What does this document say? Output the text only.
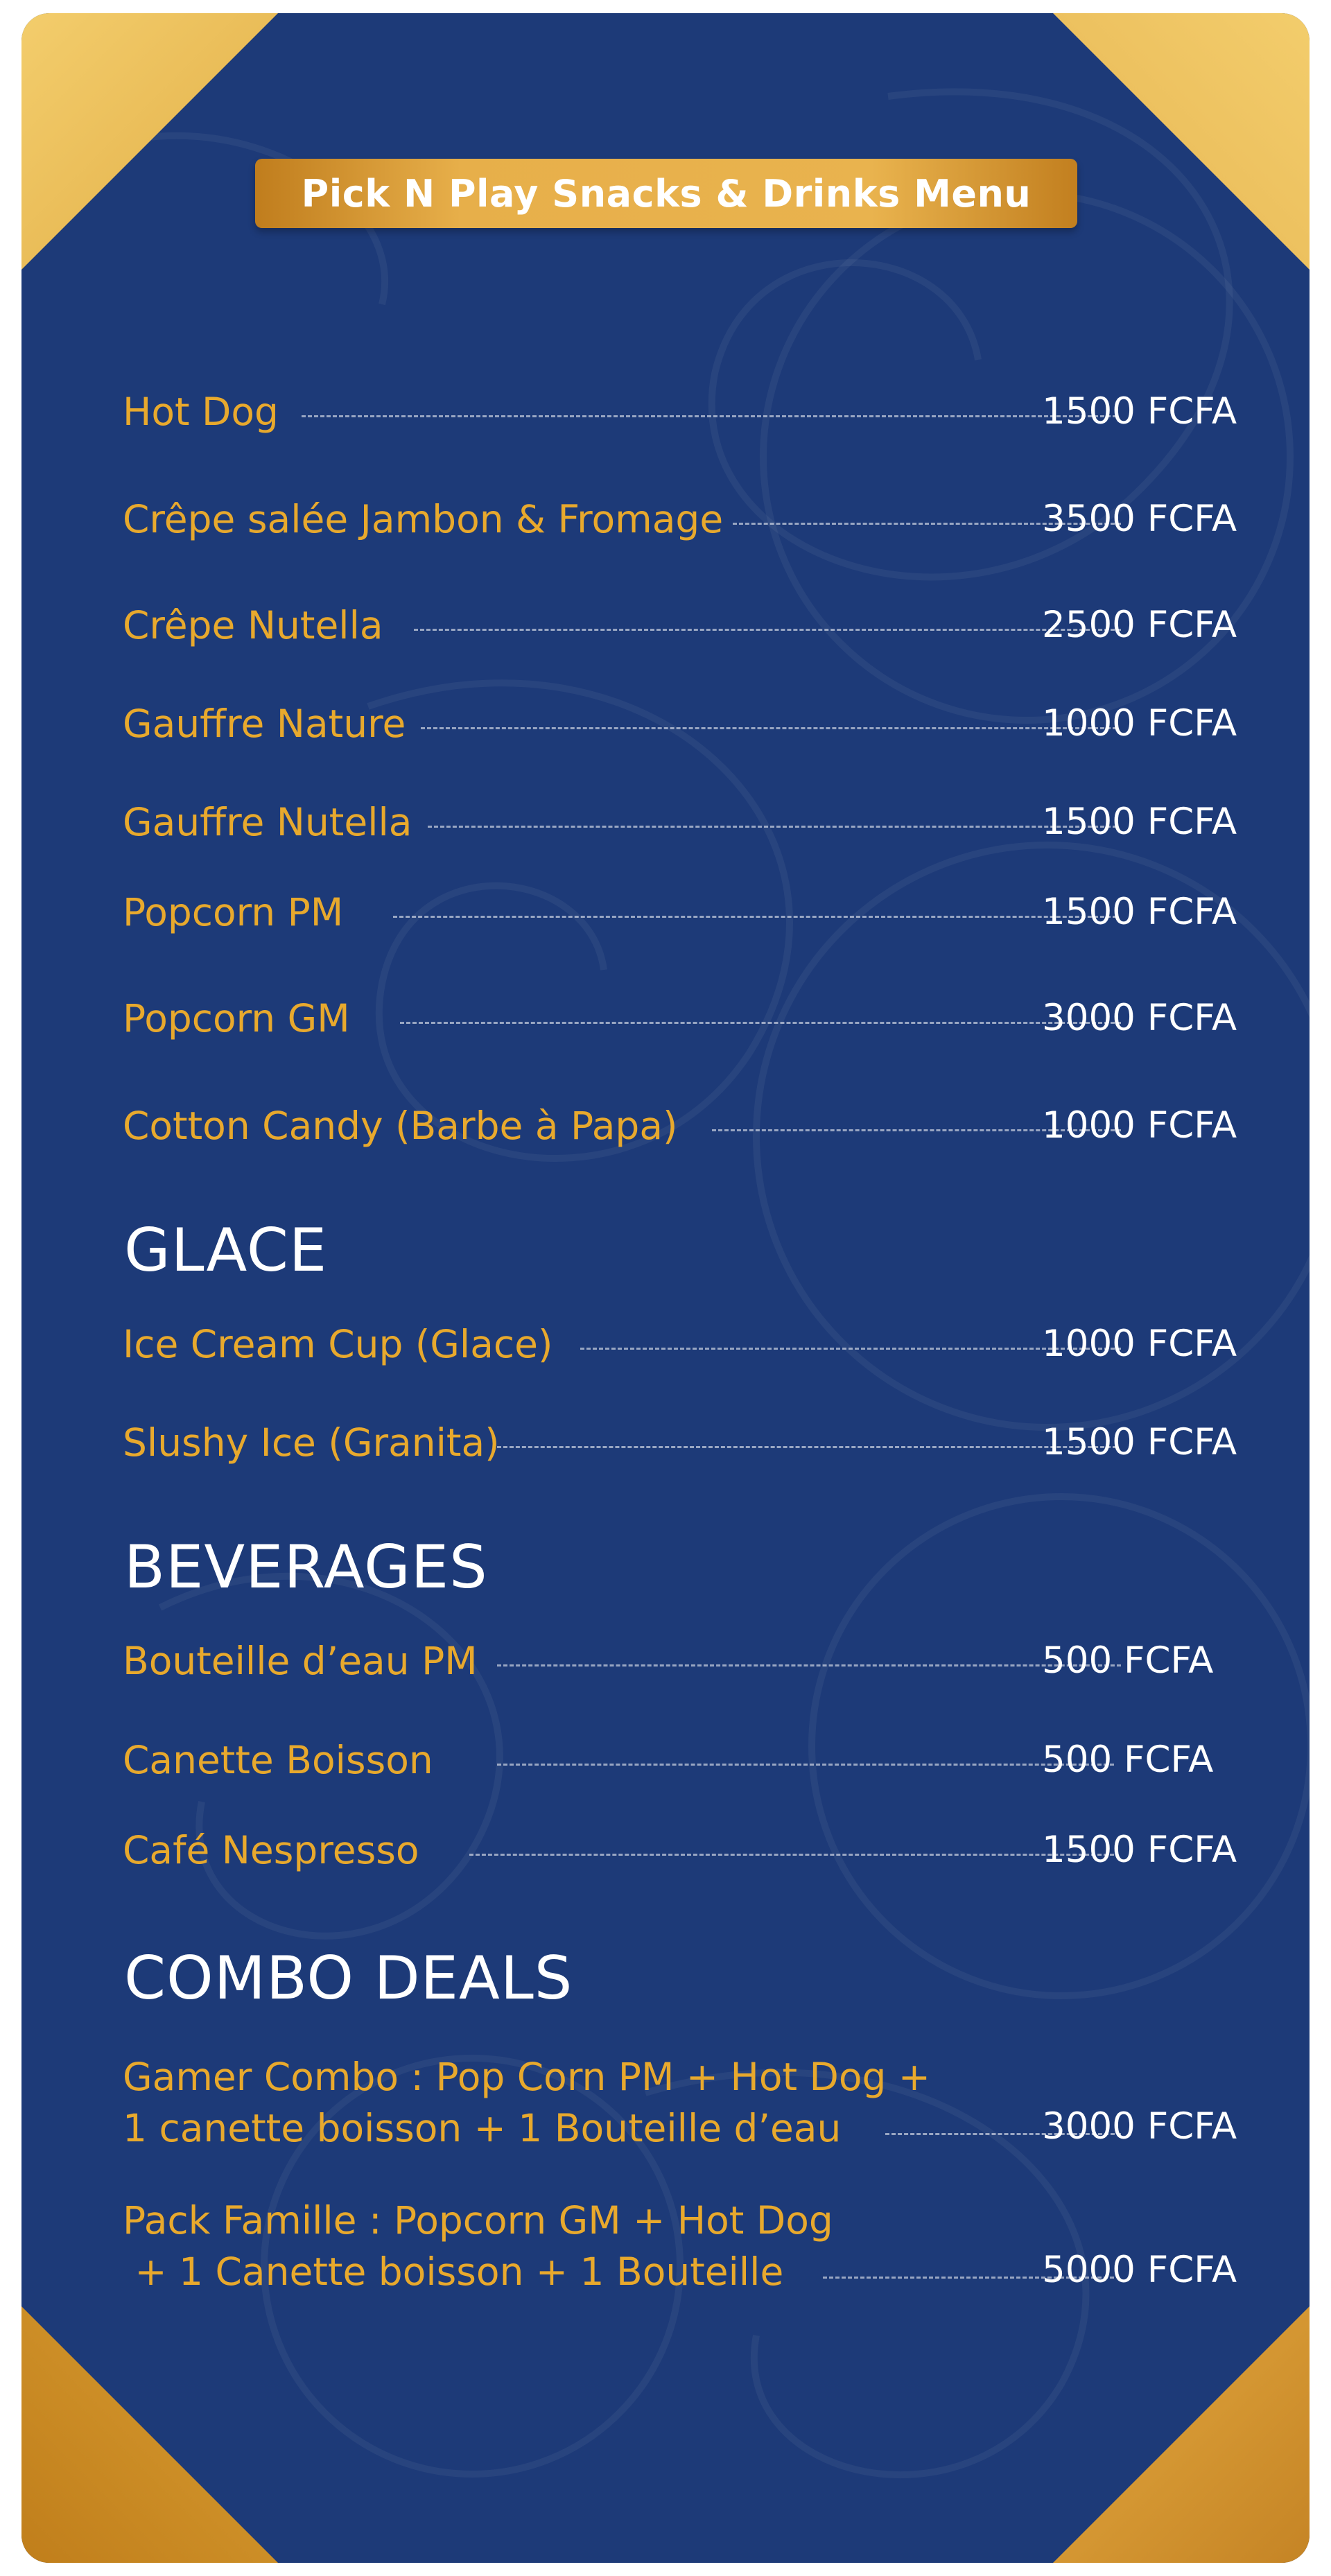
Pick N Play Snacks & Drinks Menu
Hot Dog	1500 FCFA
Crêpe salée Jambon & Fromage	3500 FCFA
Crêpe Nutella	2500 FCFA
Gauffre Nature	1000 FCFA
Gauffre Nutella	1500 FCFA
Popcorn PM	1500 FCFA
Popcorn GM	3000 FCFA
Cotton Candy (Barbe à Papa)	1000 FCFA
GLACE
Ice Cream Cup (Glace)	1000 FCFA
Slushy Ice (Granita)	1500 FCFA
BEVERAGES
Bouteille d’eau PM	500 FCFA
Canette Boisson	500 FCFA
Café Nespresso	1500 FCFA
COMBO DEALS
Gamer Combo : Pop Corn PM + Hot Dog +
1 canette boisson + 1 Bouteille d’eau	3000 FCFA
Pack Famille : Popcorn GM + Hot Dog
+ 1 Canette boisson + 1 Bouteille	5000 FCFA
